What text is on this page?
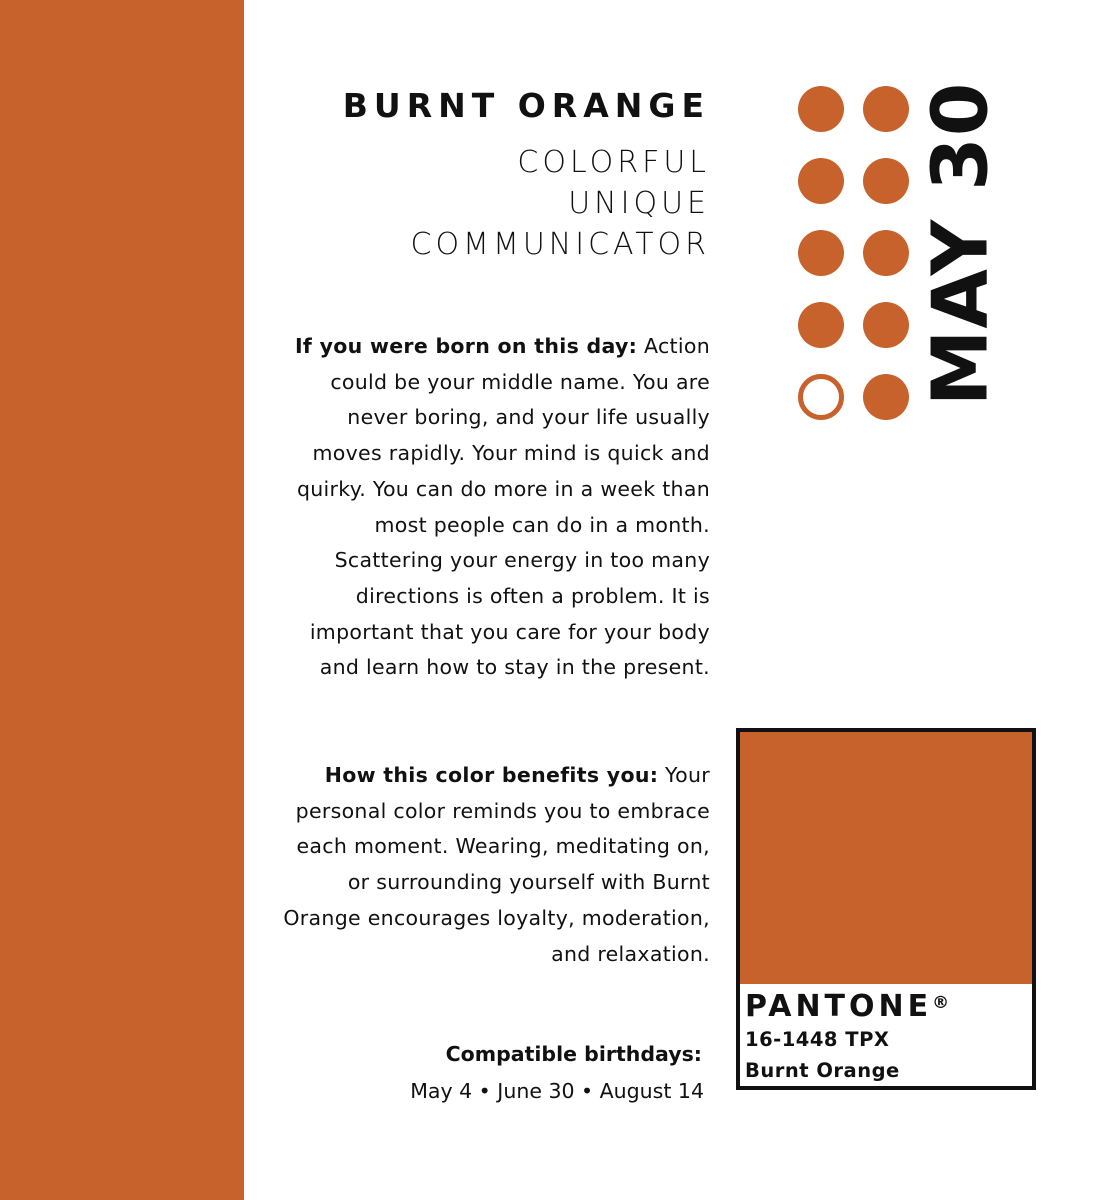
BURNT ORANGE
COLORFUL
UNIQUE
COMMUNICATOR
If you were born on this day: Action could be your middle name. You are never boring, and your life usually moves rapidly. Your mind is quick and quirky. You can do more in a week than most people can do in a month. Scattering your energy in too many directions is often a problem. It is important that you care for your body and learn how to stay in the present.
How this color benefits you: Your personal color reminds you to embrace each moment. Wearing, meditating on, or surrounding yourself with Burnt Orange encourages loyalty, moderation, and relaxation.
Compatible birthdays:
May 4 • June 30 • August 14
MAY 30
PANTONE®
16-1448 TPX
Burnt Orange
